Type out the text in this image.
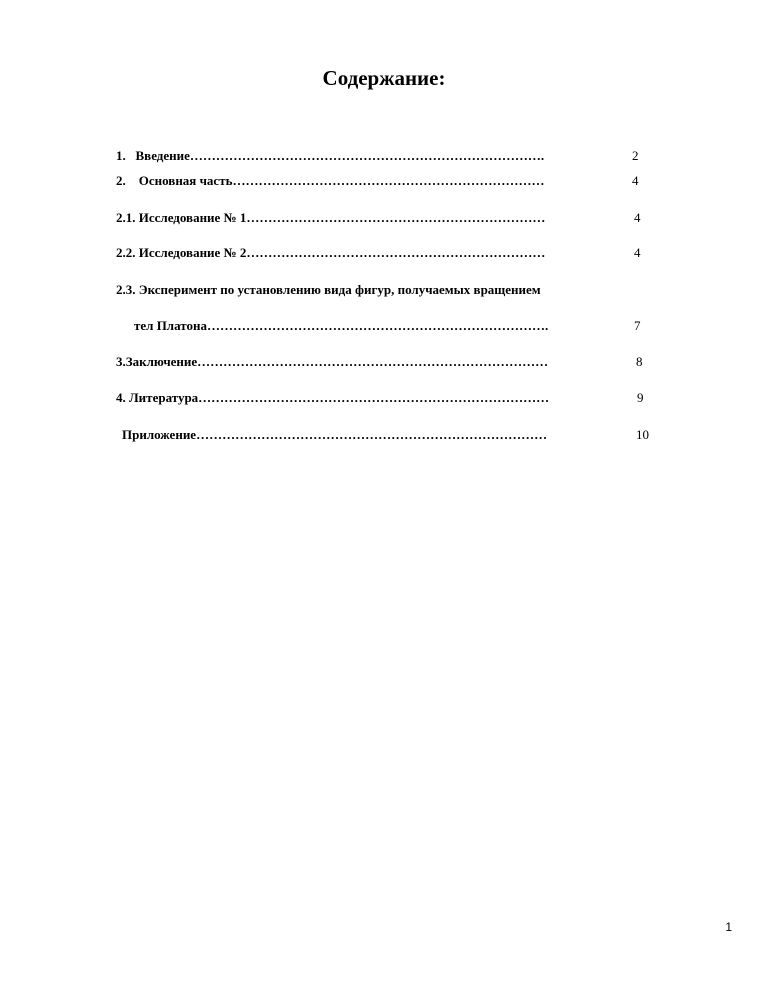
Содержание:
1.   Введение……………………………………………………………………….	2
2.    Основная часть………………………………………………………………	4
2.1. Исследование № 1……………………………………………………………	4
2.2. Исследование № 2……………………………………………………………	4
2.3. Эксперимент по установлению вида фигур, получаемых вращением
тел Платона…………………………………………………………………….	7
3.Заключение………………………………………………………………………	8
4. Литература………………………………………………………………………	9
Приложение………………………………………………………………………	10
1
